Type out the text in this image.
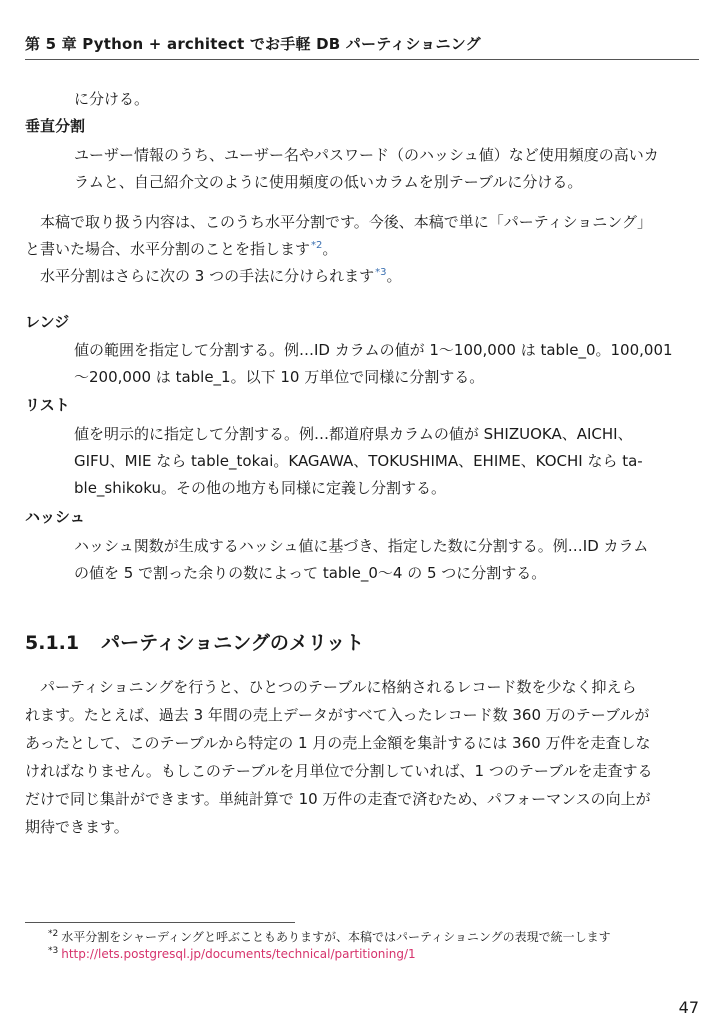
第 5 章 Python + architect でお手軽 DB パーティショニング
に分ける。
垂直分割
ユーザー情報のうち、ユーザー名やパスワード（のハッシュ値）など使用頻度の高いカ
ラムと、自己紹介文のように使用頻度の低いカラムを別テーブルに分ける。
本稿で取り扱う内容は、このうち水平分割です。今後、本稿で単に「パーティショニング」
と書いた場合、水平分割のことを指します$^{*2}$。
水平分割はさらに次の 3 つの手法に分けられます$^{*3}$。
レンジ
値の範囲を指定して分割する。例…ID カラムの値が 1〜100,000 は table_0。100,001
〜200,000 は table_1。以下 10 万単位で同様に分割する。
リスト
値を明示的に指定して分割する。例…都道府県カラムの値が SHIZUOKA、AICHI、
GIFU、MIE なら table_tokai。KAGAWA、TOKUSHIMA、EHIME、KOCHI なら ta-
ble_shikoku。その他の地方も同様に定義し分割する。
ハッシュ
ハッシュ関数が生成するハッシュ値に基づき、指定した数に分割する。例…ID カラム
の値を 5 で割った余りの数によって table_0〜4 の 5 つに分割する。
5.1.1 パーティショニングのメリット
パーティショニングを行うと、ひとつのテーブルに格納されるレコード数を少なく抑えら
れます。たとえば、過去 3 年間の売上データがすべて入ったレコード数 360 万のテーブルが
あったとして、このテーブルから特定の 1 月の売上金額を集計するには 360 万件を走査しな
ければなりません。もしこのテーブルを月単位で分割していれば、1 つのテーブルを走査する
だけで同じ集計ができます。単純計算で 10 万件の走査で済むため、パフォーマンスの向上が
期待できます。
$^{*2}$ 水平分割をシャーディングと呼ぶこともありますが、本稿ではパーティショニングの表現で統一します
$^{*3}$ http://lets.postgresql.jp/documents/technical/partitioning/1
47
